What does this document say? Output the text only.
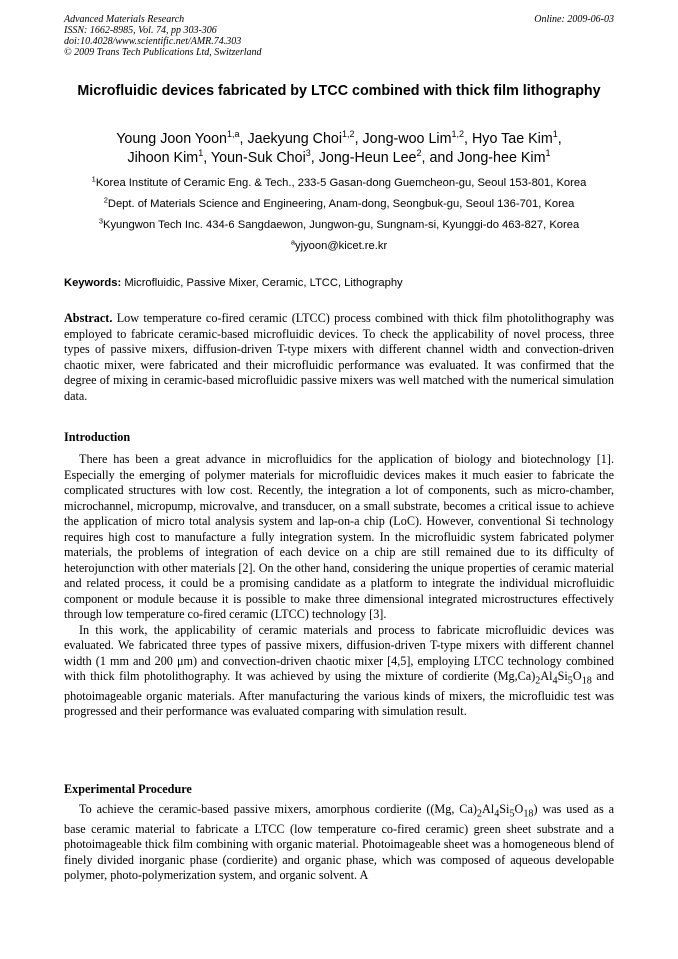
Advanced Materials Research
ISSN: 1662-8985, Vol. 74, pp 303-306
doi:10.4028/www.scientific.net/AMR.74.303
© 2009 Trans Tech Publications Ltd, Switzerland
Online: 2009-06-03
Microfluidic devices fabricated by LTCC combined with thick film lithography
Young Joon Yoon$^{1,a}$, Jaekyung Choi$^{1,2}$, Jong-woo Lim$^{1,2}$, Hyo Tae Kim$^1$,
Jihoon Kim$^1$, Youn-Suk Choi$^3$, Jong-Heun Lee$^2$, and Jong-hee Kim$^1$
$^1$Korea Institute of Ceramic Eng. & Tech., 233-5 Gasan-dong Guemcheon-gu, Seoul 153-801, Korea
$^2$Dept. of Materials Science and Engineering, Anam-dong, Seongbuk-gu, Seoul 136-701, Korea
$^3$Kyungwon Tech Inc. 434-6 Sangdaewon, Jungwon-gu, Sungnam-si, Kyunggi-do 463-827, Korea
$^a$yjyoon@kicet.re.kr
Keywords: Microfluidic, Passive Mixer, Ceramic, LTCC, Lithography
Abstract. Low temperature co-fired ceramic (LTCC) process combined with thick film photolithography was employed to fabricate ceramic-based microfluidic devices. To check the applicability of novel process, three types of passive mixers, diffusion-driven T-type mixers with different channel width and convection-driven chaotic mixer, were fabricated and their microfluidic performance was evaluated. It was confirmed that the degree of mixing in ceramic-based microfluidic passive mixers was well matched with the numerical simulation data.
Introduction

There has been a great advance in microfluidics for the application of biology and biotechnology [1]. Especially the emerging of polymer materials for microfluidic devices makes it much easier to fabricate the complicated structures with low cost. Recently, the integration a lot of components, such as micro-chamber, microchannel, micropump, microvalve, and transducer, on a small substrate, becomes a critical issue to achieve the application of micro total analysis system and lap-on-a chip (LoC). However, conventional Si technology requires high cost to manufacture a fully integration system. In the microfluidic system fabricated polymer materials, the problems of integration of each device on a chip are still remained due to its difficulty of heterojunction with other materials [2]. On the other hand, considering the unique properties of ceramic material and related process, it could be a promising candidate as a platform to integrate the individual microfluidic component or module because it is possible to make three dimensional integrated microstructures effectively through low temperature co-fired ceramic (LTCC) technology [3].

In this work, the applicability of ceramic materials and process to fabricate microfluidic devices was evaluated. We fabricated three types of passive mixers, diffusion-driven T-type mixers with different channel width (1 mm and 200 μm) and convection-driven chaotic mixer [4,5], employing LTCC technology combined with thick film photolithography. It was achieved by using the mixture of cordierite $(Mg,Ca)_2Al_4Si_5O_{18}$ and photoimageable organic materials. After manufacturing the various kinds of mixers, the microfluidic test was progressed and their performance was evaluated comparing with simulation result.

Experimental Procedure

To achieve the ceramic-based passive mixers, amorphous cordierite ((Mg, $Ca)_2Al_4Si_5O_{18}$) was used as a base ceramic material to fabricate a LTCC (low temperature co-fired ceramic) green sheet substrate and a photoimageable thick film combining with organic material. Photoimageable sheet was a homogeneous blend of finely divided inorganic phase (cordierite) and organic phase, which was composed of aqueous developable polymer, photo-polymerization system, and organic solvent. A
